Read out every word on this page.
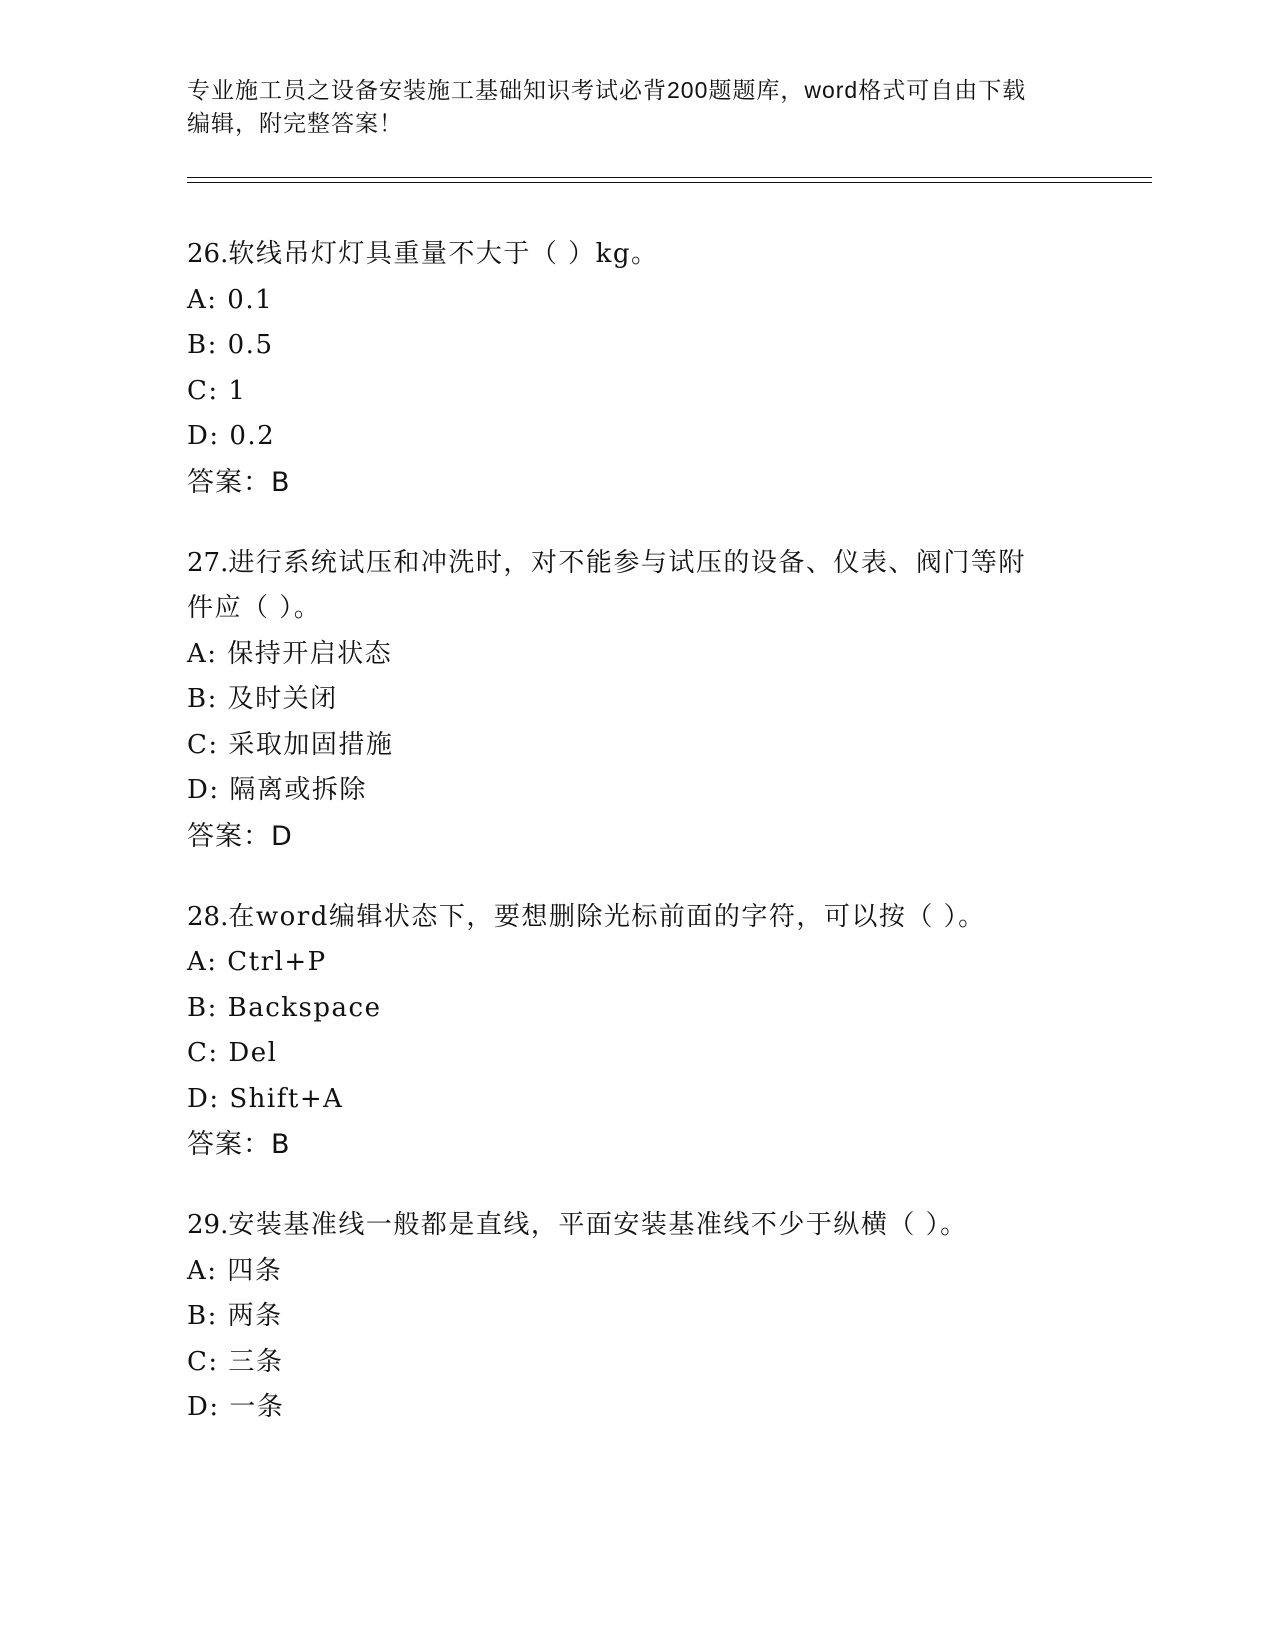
专业施工员之设备安装施工基础知识考试必背200题题库，word格式可自由下载
编辑，附完整答案！

26.软线吊灯灯具重量不大于（ ）kg。

A: 0.1

B: 0.5

C: 1

D: 0.2

答案：B

27.进行系统试压和冲洗时，对不能参与试压的设备、仪表、阀门等附

件应（ ）。

A: 保持开启状态

B: 及时关闭

C: 采取加固措施

D: 隔离或拆除

答案：D

28.在word编辑状态下，要想删除光标前面的字符，可以按（ ）。

A: Ctrl+P

B: Backspace

C: Del

D: Shift+A

答案：B

29.安装基准线一般都是直线，平面安装基准线不少于纵横（ ）。

A: 四条

B: 两条

C: 三条

D: 一条
